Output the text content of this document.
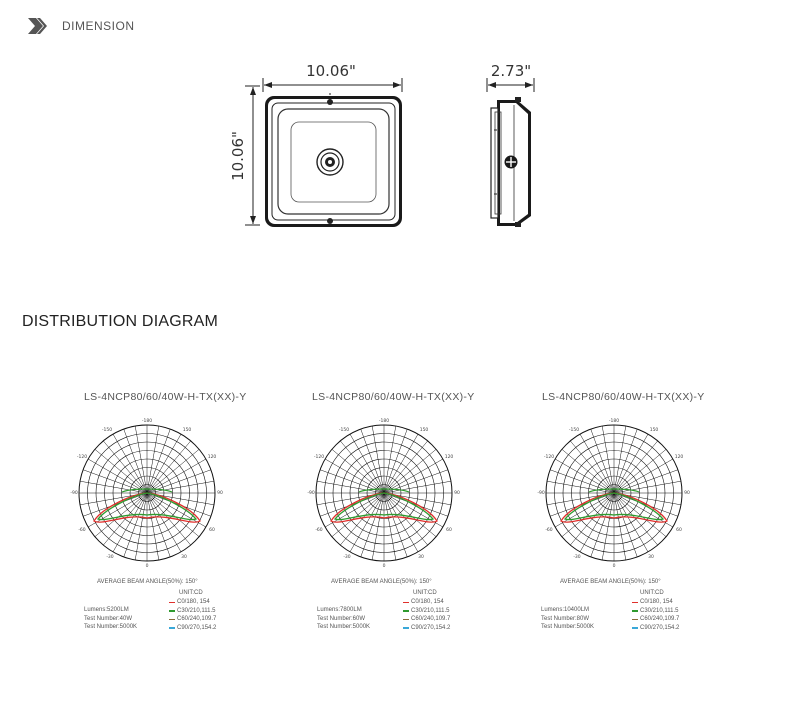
DIMENSION
10.06"
10.06"
2.73"
DISTRIBUTION DIAGRAM
LS-4NCP80/60/40W-H-TX(XX)-Y
-180
-150	150
-120	120
-90	90
-60	60
-30	30
0
AVERAGE BEAM ANGLE(50%): 150°
UNIT:CD
Lumens:5200LM
Test Number:40W
Test Number:5000K
C0/180, 154
C30/210,111.5
C60/240,109.7
C90/270,154.2
LS-4NCP80/60/40W-H-TX(XX)-Y
-180
-150	150
-120	120
-90	90
-60	60
-30	30
0
AVERAGE BEAM ANGLE(50%): 150°
UNIT:CD
Lumens:7800LM
Test Number:60W
Test Number:5000K
C0/180, 154
C30/210,111.5
C60/240,109.7
C90/270,154.2
LS-4NCP80/60/40W-H-TX(XX)-Y
-180
-150	150
-120	120
-90	90
-60	60
-30	30
0
AVERAGE BEAM ANGLE(50%): 150°
UNIT:CD
Lumens:10400LM
Test Number:80W
Test Number:5000K
C0/180, 154
C30/210,111.5
C60/240,109.7
C90/270,154.2
